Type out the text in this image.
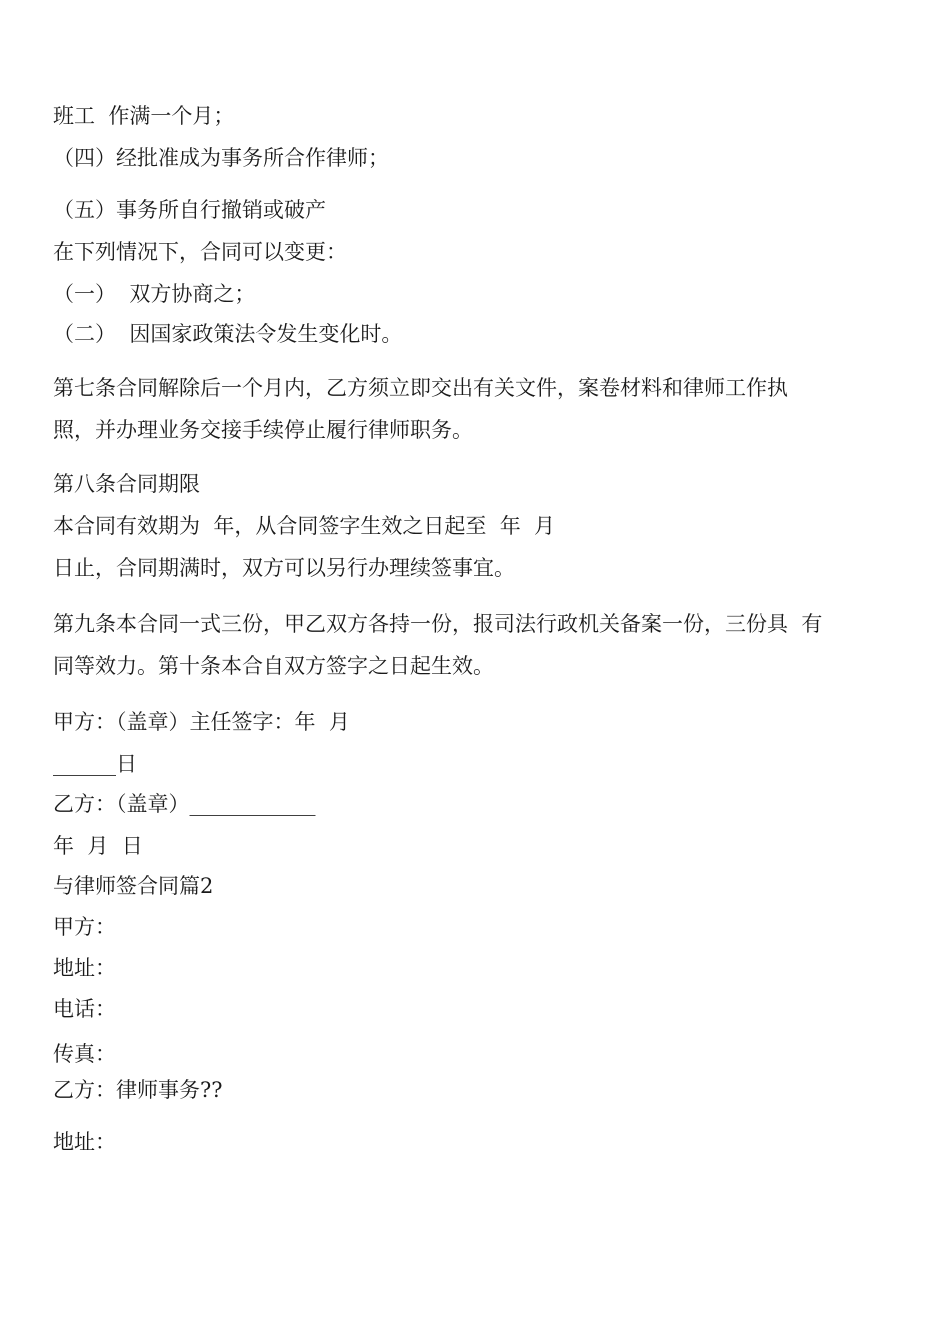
班工  作满一个月；
（四）经批准成为事务所合作律师；
（五）事务所自行撤销或破产
在下列情况下，合同可以变更：
（一）  双方协商之；
（二）  因国家政策法令发生变化时。
第七条合同解除后一个月内，乙方须立即交出有关文件，案卷材料和律师工作执
照，并办理业务交接手续停止履行律师职务。
第八条合同期限
本合同有效期为  年，从合同签字生效之日起至  年  月
日止，合同期满时，双方可以另行办理续签事宜。
第九条本合同一式三份，甲乙双方各持一份，报司法行政机关备案一份，三份具  有
同等效力。第十条本合自双方签字之日起生效。
甲方：（盖章）主任签字：年  月
______日
乙方：（盖章）____________
年  月  日
与律师签合同篇2
甲方：
地址：
电话：
传真：
乙方：律师事务??
地址：
